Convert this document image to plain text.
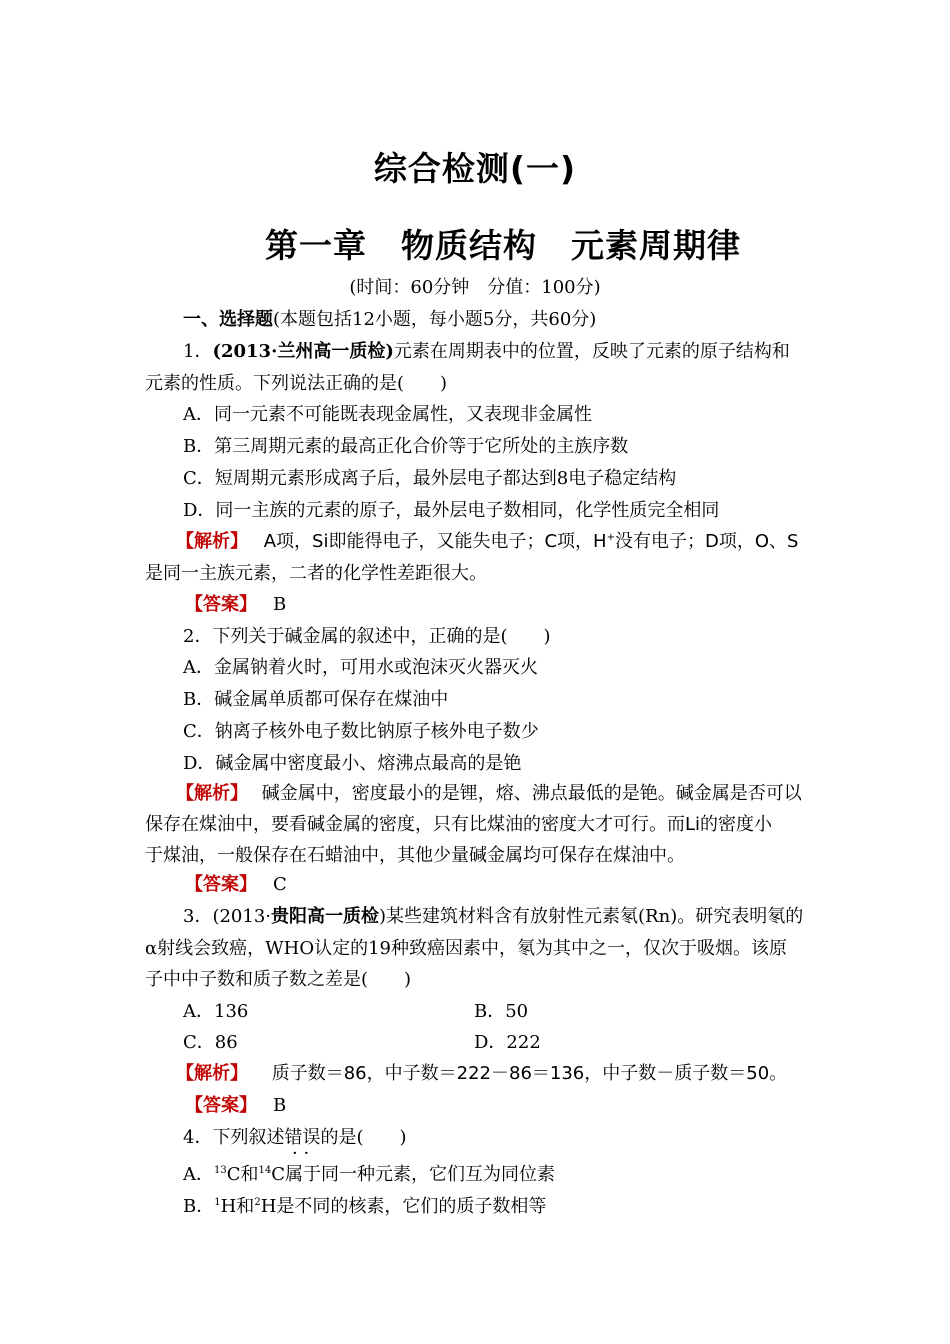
综合检测(一)
第一章　物质结构　元素周期律
(时间：60分钟　分值：100分)
一、选择题(本题包括12小题，每小题5分，共60分)
1．(2013·兰州高一质检)元素在周期表中的位置，反映了元素的原子结构和
元素的性质。下列说法正确的是(　　)
A．同一元素不可能既表现金属性，又表现非金属性
B．第三周期元素的最高正化合价等于它所处的主族序数
C．短周期元素形成离子后，最外层电子都达到8电子稳定结构
D．同一主族的元素的原子，最外层电子数相同，化学性质完全相同
【解析】 A项，Si即能得电子，又能失电子；C项，H+没有电子；D项，O、S
是同一主族元素，二者的化学性差距很大。
【答案】 B
2．下列关于碱金属的叙述中，正确的是(　　)
A．金属钠着火时，可用水或泡沫灭火器灭火
B．碱金属单质都可保存在煤油中
C．钠离子核外电子数比钠原子核外电子数少
D．碱金属中密度最小、熔沸点最高的是铯
【解析】 碱金属中，密度最小的是锂，熔、沸点最低的是铯。碱金属是否可以
保存在煤油中，要看碱金属的密度，只有比煤油的密度大才可行。而Li的密度小
于煤油，一般保存在石蜡油中，其他少量碱金属均可保存在煤油中。
【答案】 C
3．(2013·贵阳高一质检)某些建筑材料含有放射性元素氡(Rn)。研究表明氡的
α射线会致癌，WHO认定的19种致癌因素中，氡为其中之一，仅次于吸烟。该原
子中中子数和质子数之差是(　　)
A．136	B．50
C．86	D．222
【解析】 质子数＝86，中子数＝222－86＝136，中子数－质子数＝50。
【答案】 B
4．下列叙述错误的是(　　)
· ·
A．$^{13}$C和$^{14}$C属于同一种元素，它们互为同位素
B．$^1$H和$^2$H是不同的核素，它们的质子数相等
